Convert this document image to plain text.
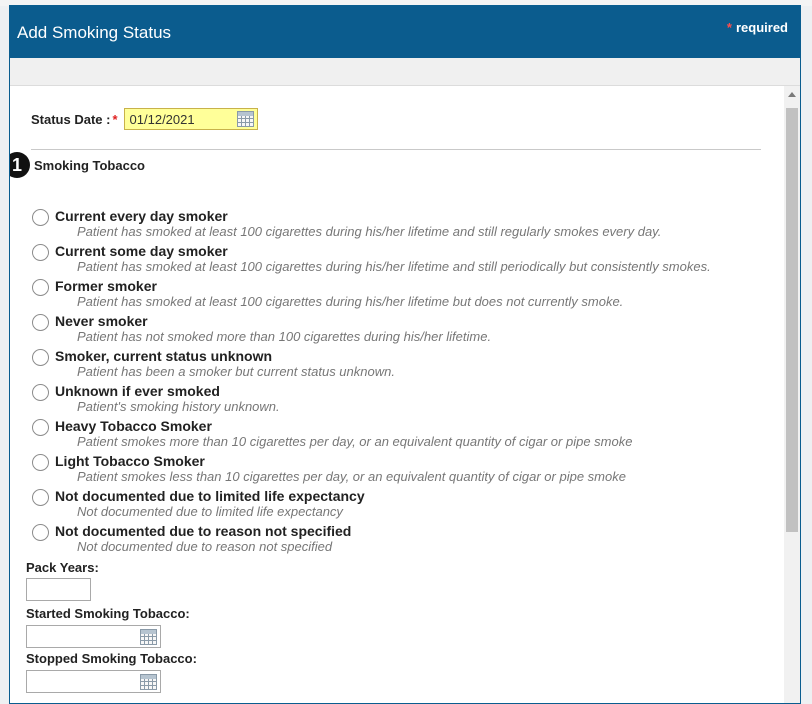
Add Smoking Status	* required
Status Date : *
01/12/2021
1 Smoking Tobacco
Current every day smoker
Patient has smoked at least 100 cigarettes during his/her lifetime and still regularly smokes every day.
Current some day smoker
Patient has smoked at least 100 cigarettes during his/her lifetime and still periodically but consistently smokes.
Former smoker
Patient has smoked at least 100 cigarettes during his/her lifetime but does not currently smoke.
Never smoker
Patient has not smoked more than 100 cigarettes during his/her lifetime.
Smoker, current status unknown
Patient has been a smoker but current status unknown.
Unknown if ever smoked
Patient's smoking history unknown.
Heavy Tobacco Smoker
Patient smokes more than 10 cigarettes per day, or an equivalent quantity of cigar or pipe smoke
Light Tobacco Smoker
Patient smokes less than 10 cigarettes per day, or an equivalent quantity of cigar or pipe smoke
Not documented due to limited life expectancy
Not documented due to limited life expectancy
Not documented due to reason not specified
Not documented due to reason not specified
Pack Years:
Started Smoking Tobacco:
Stopped Smoking Tobacco:
